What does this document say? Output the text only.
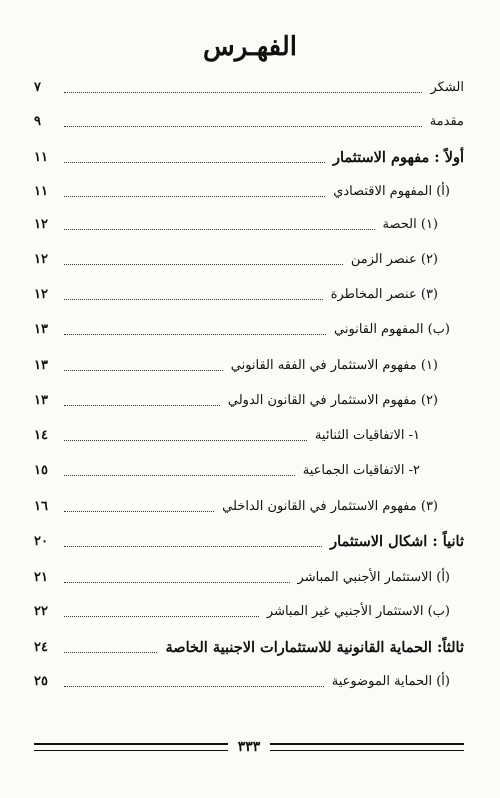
الفهـرس
الشكر
٧
مقدمة
٩
أولاً : مفهوم الاستثمار
١١
(أ) المفهوم الاقتصادي
١١
(١) الحصة
١٢
(٢) عنصر الزمن
١٢
(٣) عنصر المخاطرة
١٢
(ب) المفهوم القانوني
١٣
(١) مفهوم الاستثمار في الفقه القانوني
١٣
(٢) مفهوم الاستثمار في القانون الدولي
١٣
١- الاتفاقيات الثنائية
١٤
٢- الاتفاقيات الجماعية
١٥
(٣) مفهوم الاستثمار في القانون الداخلي
١٦
ثانياً : اشكال الاستثمار
٢٠
(أ) الاستثمار الأجنبي المباشر
٢١
(ب) الاستثمار الأجنبي غير المباشر
٢٢
ثالثاً: الحماية القانونية للاستثمارات الاجنبية الخاصة
٢٤
(أ) الحماية الموضوعية
٢٥
٣٣٣
